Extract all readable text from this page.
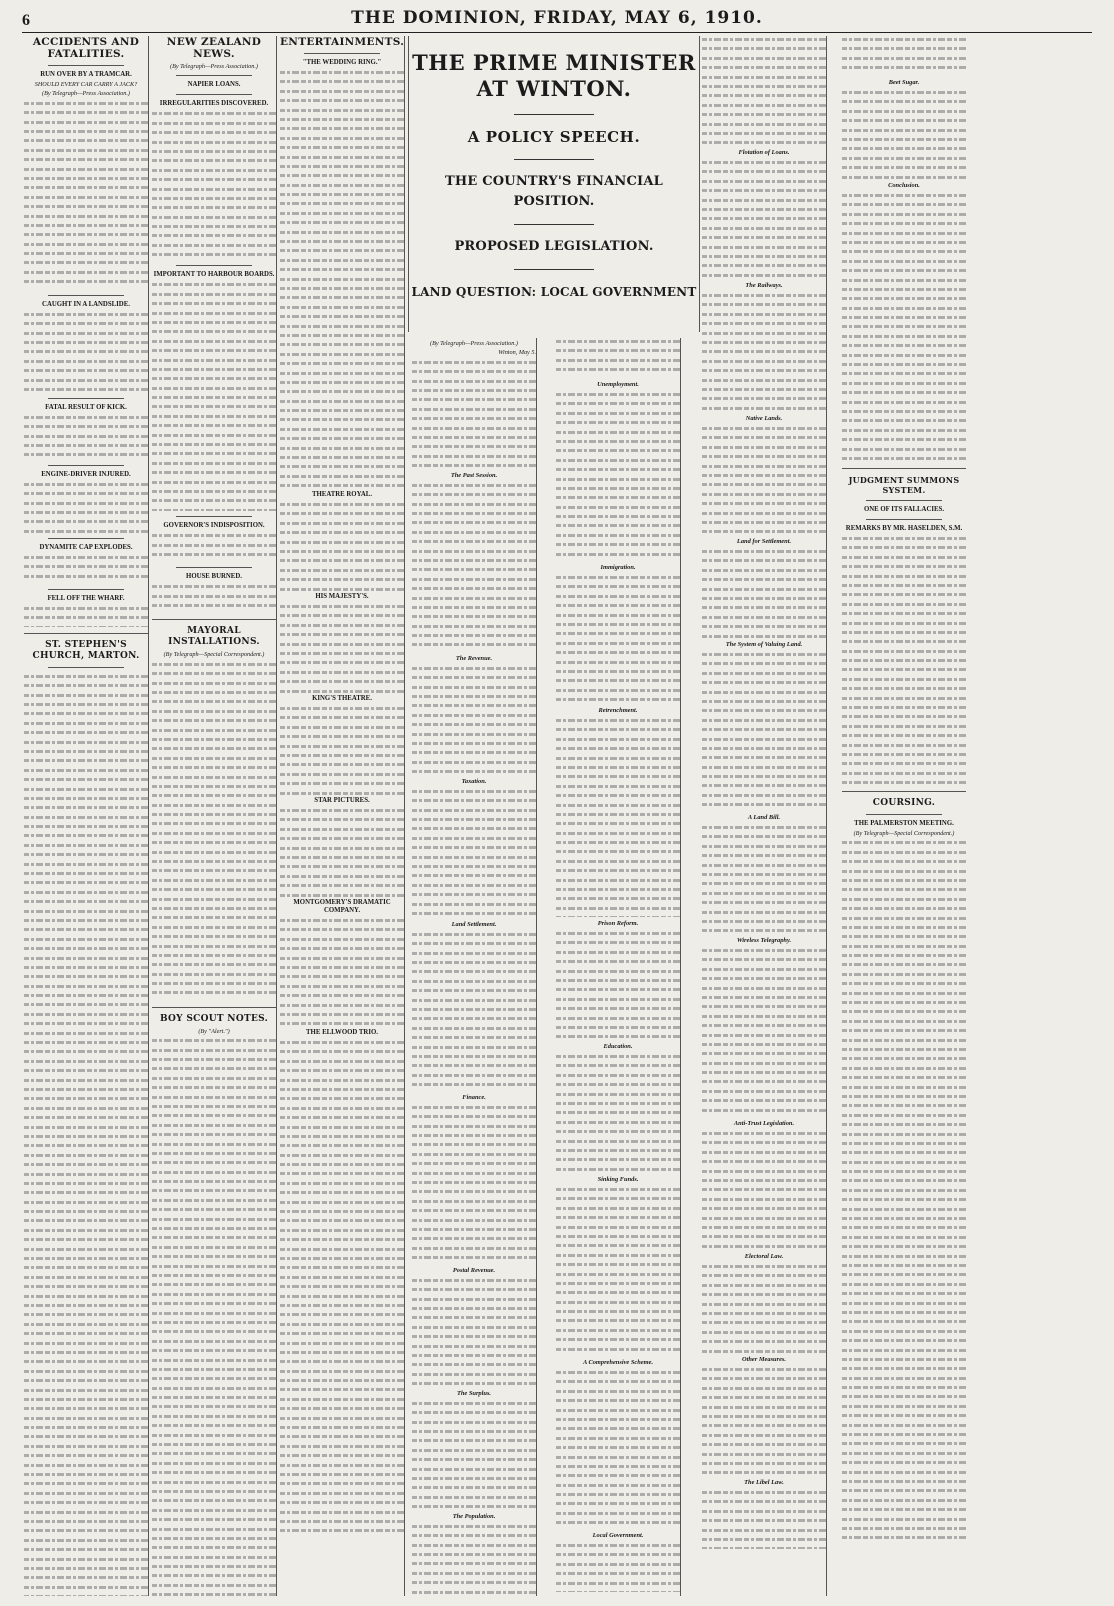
6	THE DOMINION, FRIDAY, MAY 6, 1910.
ACCIDENTS AND FATALITIES.
RUN OVER BY A TRAMCAR.
SHOULD EVERY CAR CARRY A JACK?
(By Telegraph—Press Association.)
CAUGHT IN A LANDSLIDE.
FATAL RESULT OF KICK.
ENGINE-DRIVER INJURED.
DYNAMITE CAP EXPLODES.
FELL OFF THE WHARF.
ST. STEPHEN'S CHURCH, MARTON.
NEW ZEALAND NEWS.
(By Telegraph—Press Association.)
NAPIER LOANS.
IRREGULARITIES DISCOVERED.
IMPORTANT TO HARBOUR BOARDS.
GOVERNOR'S INDISPOSITION.
HOUSE BURNED.
MAYORAL INSTALLATIONS.
(By Telegraph—Special Correspondent.)
BOY SCOUT NOTES.
(By "Alert.")
ENTERTAINMENTS.
"THE WEDDING RING."
THEATRE ROYAL.
HIS MAJESTY'S.
KING'S THEATRE.
STAR PICTURES.
MONTGOMERY'S DRAMATIC COMPANY.
THE ELLWOOD TRIO.
THE PRIME MINISTER AT WINTON.
A POLICY SPEECH.
THE COUNTRY'S FINANCIAL POSITION.
PROPOSED LEGISLATION.
LAND QUESTION: LOCAL GOVERNMENT
(By Telegraph—Press Association.)
Winton, May 5.
The Past Session.
The Revenue.
Taxation.
Land Settlement.
Finance.
Postal Revenue.
The Surplus.
The Population.
Unemployment.
Immigration.
Retrenchment.
Prison Reform.
Education.
Sinking Funds.
A Comprehensive Scheme.
Local Government.
Flotation of Loans.
The Railways.
Native Lands.
Land for Settlement.
The System of Valuing Land.
A Land Bill.
Wireless Telegraphy.
Anti-Trust Legislation.
Electoral Law.
Other Measures.
The Libel Law.
Beet Sugar.
Conclusion.
JUDGMENT SUMMONS SYSTEM.
ONE OF ITS FALLACIES.
REMARKS BY MR. HASELDEN, S.M.
COURSING.
THE PALMERSTON MEETING.
(By Telegraph—Special Correspondent.)
